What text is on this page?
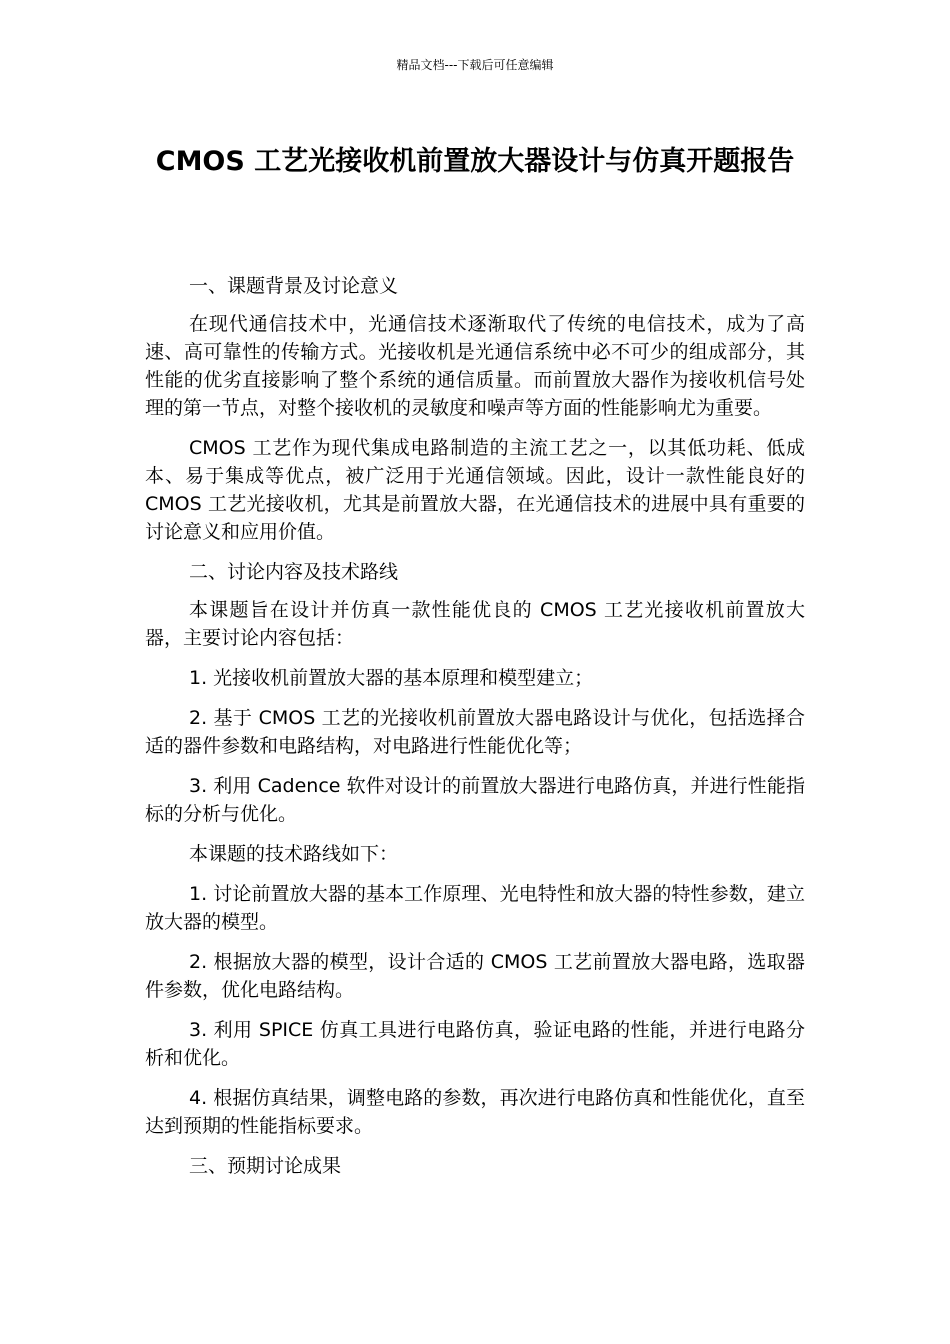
精品文档---下载后可任意编辑
CMOS 工艺光接收机前置放大器设计与仿真开题报告

一、课题背景及讨论意义

在现代通信技术中，光通信技术逐渐取代了传统的电信技术，成为了高速、高可靠性的传输方式。光接收机是光通信系统中必不可少的组成部分，其性能的优劣直接影响了整个系统的通信质量。而前置放大器作为接收机信号处理的第一节点，对整个接收机的灵敏度和噪声等方面的性能影响尤为重要。

CMOS 工艺作为现代集成电路制造的主流工艺之一，以其低功耗、低成本、易于集成等优点，被广泛用于光通信领域。因此，设计一款性能良好的 CMOS 工艺光接收机，尤其是前置放大器，在光通信技术的进展中具有重要的讨论意义和应用价值。

二、讨论内容及技术路线

本课题旨在设计并仿真一款性能优良的 CMOS 工艺光接收机前置放大器，主要讨论内容包括：

1. 光接收机前置放大器的基本原理和模型建立；

2. 基于 CMOS 工艺的光接收机前置放大器电路设计与优化，包括选择合适的器件参数和电路结构，对电路进行性能优化等；

3. 利用 Cadence 软件对设计的前置放大器进行电路仿真，并进行性能指标的分析与优化。

本课题的技术路线如下：

1. 讨论前置放大器的基本工作原理、光电特性和放大器的特性参数，建立放大器的模型。

2. 根据放大器的模型，设计合适的 CMOS 工艺前置放大器电路，选取器件参数，优化电路结构。

3. 利用 SPICE 仿真工具进行电路仿真，验证电路的性能，并进行电路分析和优化。

4. 根据仿真结果，调整电路的参数，再次进行电路仿真和性能优化，直至达到预期的性能指标要求。

三、预期讨论成果
